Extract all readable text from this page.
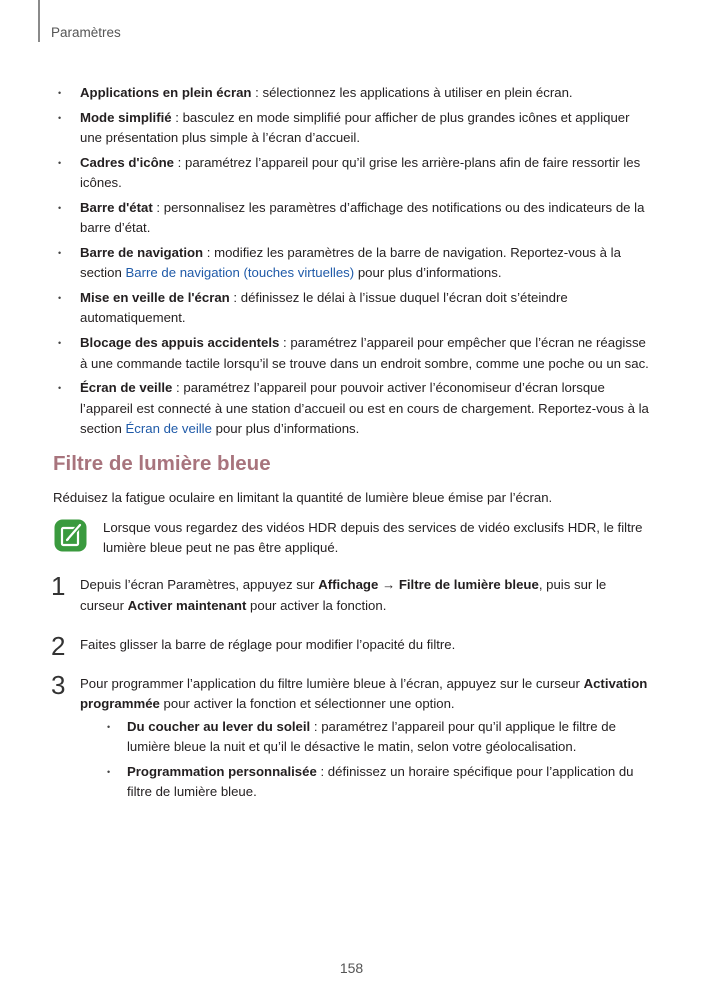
Paramètres
• Applications en plein écran : sélectionnez les applications à utiliser en plein écran.
• Mode simplifié : basculez en mode simplifié pour afficher de plus grandes icônes et appliquer une présentation plus simple à l’écran d’accueil.
• Cadres d'icône : paramétrez l’appareil pour qu’il grise les arrière-plans afin de faire ressortir les icônes.
• Barre d'état : personnalisez les paramètres d’affichage des notifications ou des indicateurs de la barre d’état.
• Barre de navigation : modifiez les paramètres de la barre de navigation. Reportez-vous à la section Barre de navigation (touches virtuelles) pour plus d’informations.
• Mise en veille de l'écran : définissez le délai à l’issue duquel l’écran doit s’éteindre automatiquement.
• Blocage des appuis accidentels : paramétrez l’appareil pour empêcher que l’écran ne réagisse à une commande tactile lorsqu’il se trouve dans un endroit sombre, comme une poche ou un sac.
• Écran de veille : paramétrez l’appareil pour pouvoir activer l’économiseur d’écran lorsque l’appareil est connecté à une station d’accueil ou est en cours de chargement. Reportez-vous à la section Écran de veille pour plus d’informations.
Filtre de lumière bleue
Réduisez la fatigue oculaire en limitant la quantité de lumière bleue émise par l’écran.
Lorsque vous regardez des vidéos HDR depuis des services de vidéo exclusifs HDR, le filtre lumière bleue peut ne pas être appliqué.
1 Depuis l’écran Paramètres, appuyez sur Affichage → Filtre de lumière bleue, puis sur le curseur Activer maintenant pour activer la fonction.
2 Faites glisser la barre de réglage pour modifier l’opacité du filtre.
3 Pour programmer l’application du filtre lumière bleue à l’écran, appuyez sur le curseur Activation programmée pour activer la fonction et sélectionner une option.
• Du coucher au lever du soleil : paramétrez l’appareil pour qu’il applique le filtre de lumière bleue la nuit et qu’il le désactive le matin, selon votre géolocalisation.
• Programmation personnalisée : définissez un horaire spécifique pour l’application du filtre de lumière bleue.
158
